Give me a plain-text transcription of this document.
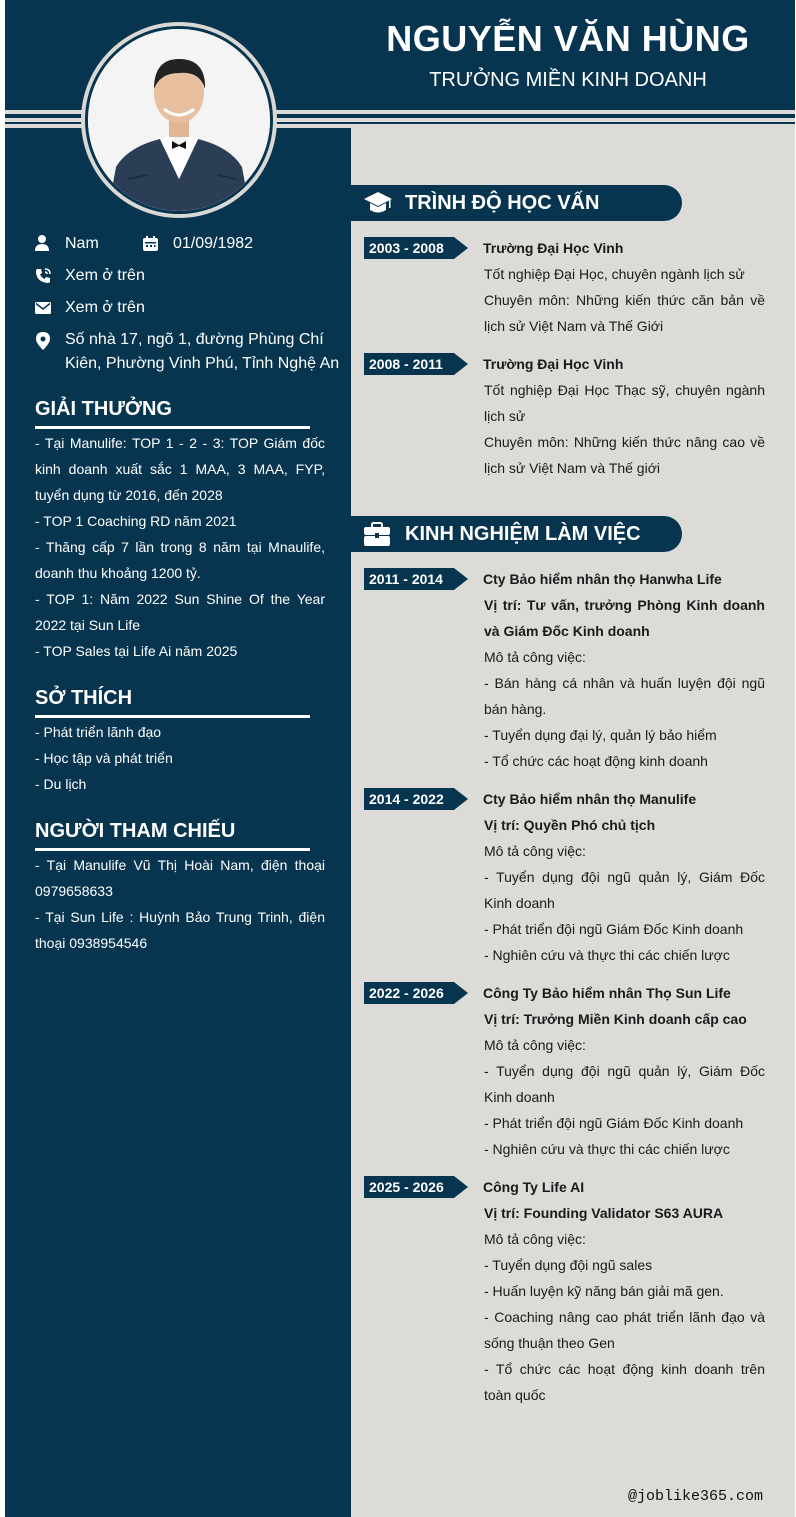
NGUYỄN VĂN HÙNG
TRƯỞNG MIỀN KINH DOANH
Nam	01/09/1982
Xem ở trên
Xem ở trên
Số nhà 17, ngõ 1, đường Phùng Chí Kiên, Phường Vinh Phú, Tỉnh Nghệ An
GIẢI THƯỞNG
- Tại Manulife: TOP 1 - 2 - 3: TOP Giám đốc kinh doanh xuất sắc 1 MAA, 3 MAA, FYP, tuyển dụng từ 2016, đến 2028
- TOP 1 Coaching RD năm 2021
- Thăng cấp 7 lần trong 8 năm tại Mnaulife, doanh thu khoảng 1200 tỷ.
- TOP 1: Năm 2022 Sun Shine Of the Year 2022 tại Sun Life
- TOP Sales tại Life Ai năm 2025
SỞ THÍCH
- Phát triển lãnh đạo
- Học tập và phát triển
- Du lịch
NGƯỜI THAM CHIẾU
- Tại Manulife Vũ Thị Hoài Nam, điện thoại 0979658633
- Tại Sun Life : Huỳnh Bảo Trung Trinh, điện thoại 0938954546
TRÌNH ĐỘ HỌC VẤN
2003 - 2008	Trường Đại Học Vinh
Tốt nghiệp Đại Học, chuyên ngành lịch sử
Chuyên môn: Những kiến thức căn bản về lịch sử Việt Nam và Thế Giới
2008 - 2011	Trường Đại Học Vinh
Tốt nghiệp Đại Học Thạc sỹ, chuyên ngành lịch sử
Chuyên môn: Những kiến thức nâng cao về lịch sử Việt Nam và Thế giới
KINH NGHIỆM LÀM VIỆC
2011 - 2014	Cty Bảo hiểm nhân thọ Hanwha Life
Vị trí: Tư vấn, trưởng Phòng Kinh doanh và Giám Đốc Kinh doanh
Mô tả công việc:
- Bán hàng cá nhân và huấn luyện đội ngũ bán hàng.
- Tuyển dụng đại lý, quản lý bảo hiểm
- Tổ chức các hoạt động kinh doanh
2014 - 2022	Cty Bảo hiểm nhân thọ Manulife
Vị trí: Quyền Phó chủ tịch
Mô tả công việc:
- Tuyển dụng đội ngũ quản lý, Giám Đốc Kinh doanh
- Phát triển đội ngũ Giám Đốc Kinh doanh
- Nghiên cứu và thực thi các chiến lược
2022 - 2026	Công Ty Bảo hiểm nhân Thọ Sun Life
Vị trí: Trưởng Miền Kinh doanh cấp cao
Mô tả công việc:
- Tuyển dụng đội ngũ quản lý, Giám Đốc Kinh doanh
- Phát triển đội ngũ Giám Đốc Kinh doanh
- Nghiên cứu và thực thi các chiến lược
2025 - 2026	Công Ty Life AI
Vị trí: Founding Validator S63 AURA
Mô tả công việc:
- Tuyển dụng đội ngũ sales
- Huấn luyện kỹ năng bán giải mã gen.
- Coaching nâng cao phát triển lãnh đạo và sống thuận theo Gen
- Tổ chức các hoạt động kinh doanh trên toàn quốc
@joblike365.com
